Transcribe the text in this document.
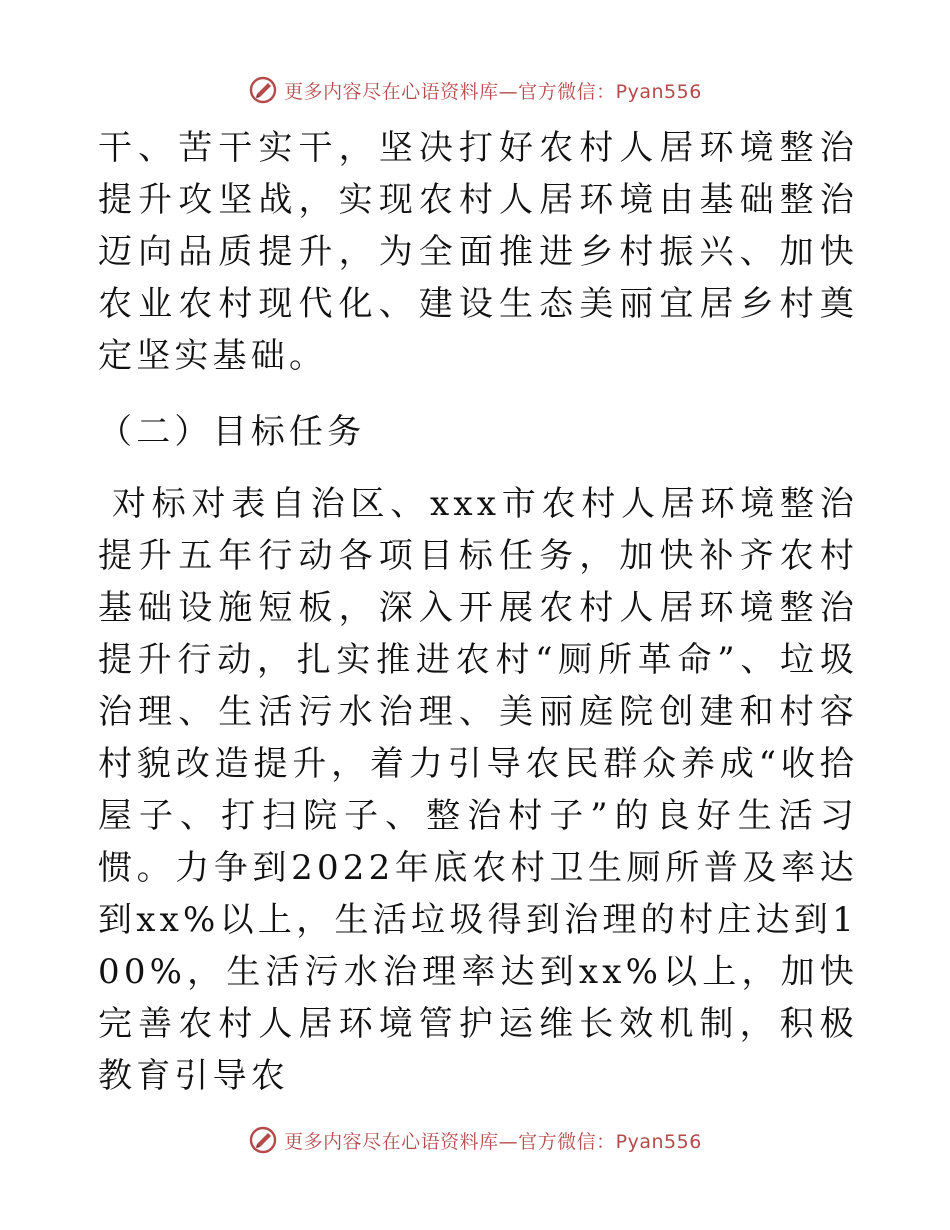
更多内容尽在心语资料库—官方微信：Pyan556

干、苦干实干，坚决打好农村人居环境整治提升攻坚战，实现农村人居环境由基础整治迈向品质提升，为全面推进乡村振兴、加快农业农村现代化、建设生态美丽宜居乡村奠定坚实基础。

（二）目标任务

对标对表自治区、xxx市农村人居环境整治提升五年行动各项目标任务，加快补齐农村基础设施短板，深入开展农村人居环境整治提升行动，扎实推进农村“厕所革命”、垃圾治理、生活污水治理、美丽庭院创建和村容村貌改造提升，着力引导农民群众养成“收拾屋子、打扫院子、整治村子”的良好生活习惯。力争到2022年底农村卫生厕所普及率达到xx%以上，生活垃圾得到治理的村庄达到100%，生活污水治理率达到xx%以上，加快完善农村人居环境管护运维长效机制，积极教育引导农

更多内容尽在心语资料库—官方微信：Pyan556
